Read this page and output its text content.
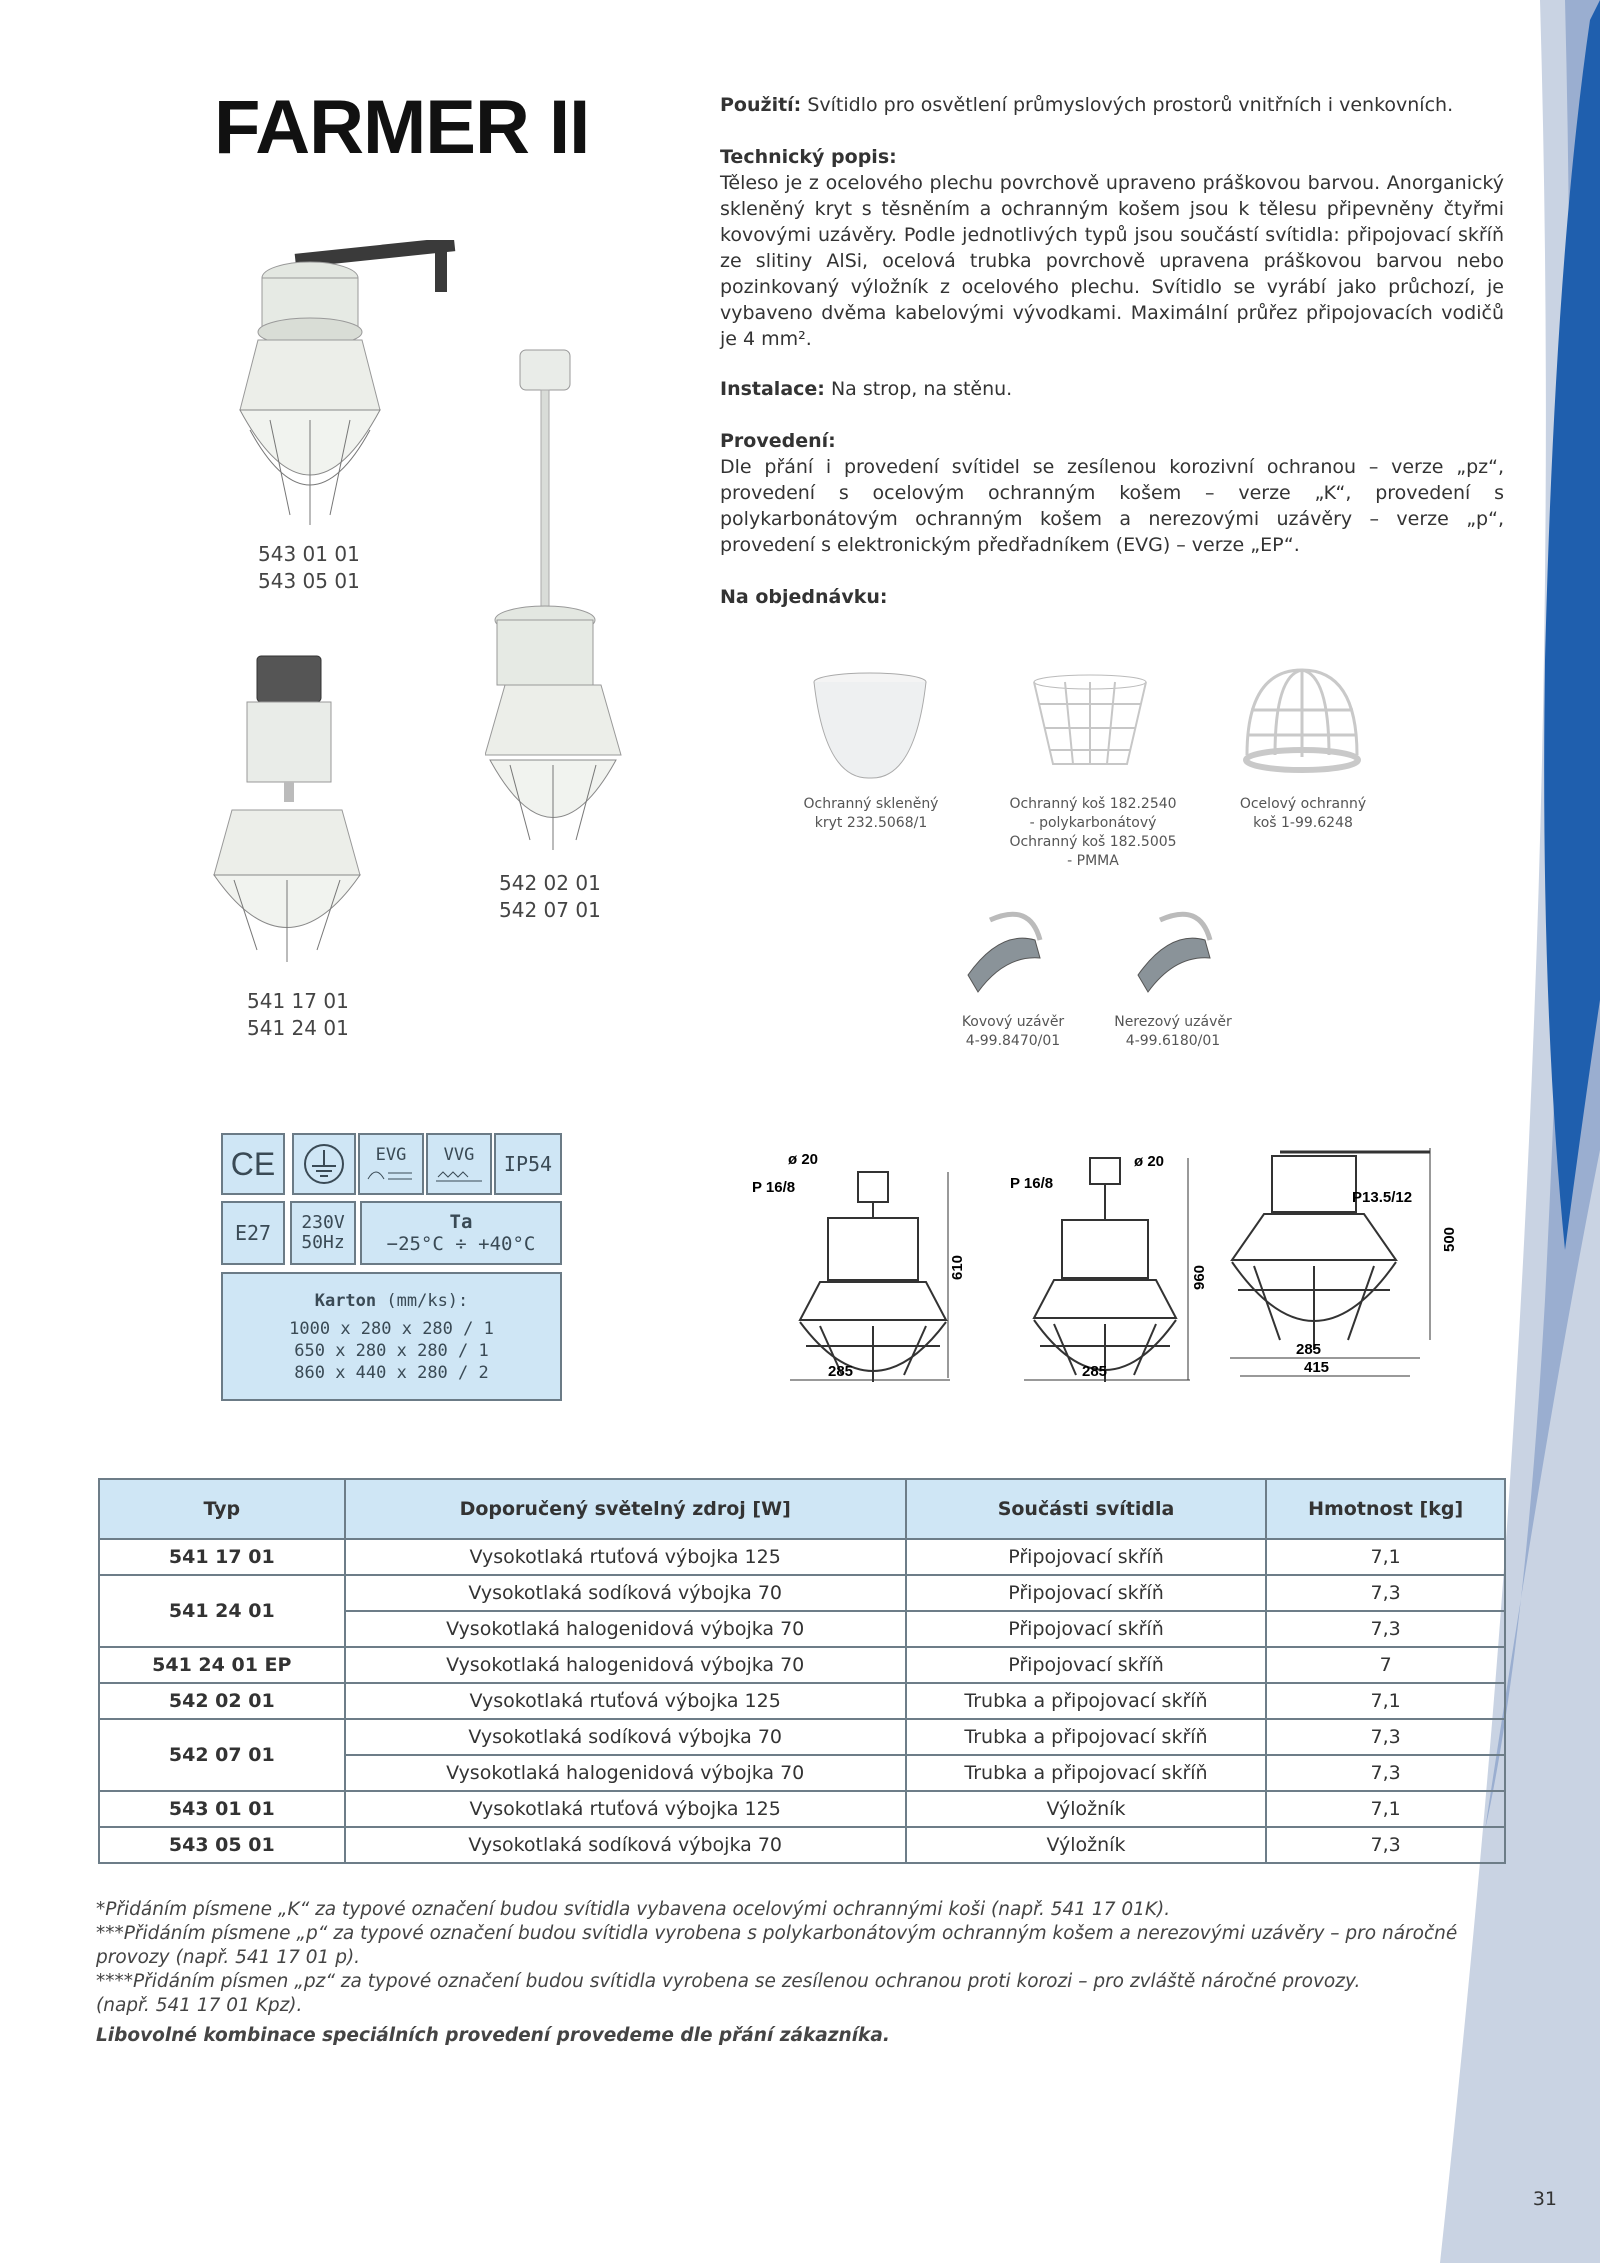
FARMER II	Použití: Svítidlo pro osvětlení průmyslových prostorů vnitřních i venkovních.
Technický popis:
Těleso je z ocelového plechu povrchově upraveno práškovou barvou. Anorganický skleněný kryt s těsněním a ochranným košem jsou k tělesu připevněny čtyřmi kovovými uzávěry. Podle jednotlivých typů jsou součástí svítidla: připojovací skříň ze slitiny AlSi, ocelová trubka povrchově upravena práškovou barvou nebo pozinkovaný výložník z ocelového plechu. Svítidlo se vyrábí jako průchozí, je vybaveno dvěma kabelovými vývodkami. Maximální průřez připojovacích vodičů je 4 mm².
Instalace: Na strop, na stěnu.
Provedení:
Dle přání i provedení svítidel se zesílenou korozivní ochranou – verze „pz“, provedení s ocelovým ochranným košem – verze „K“, provedení s polykarbonátovým ochranným košem a nerezovými uzávěry – verze „p“, provedení s elektronickým předřadníkem (EVG) – verze „EP“.
Na objednávku:
543 01 01
543 05 01
542 02 01
542 07 01
541 17 01
541 24 01
Ochranný skleněný
kryt 232.5068/1
Ochranný koš 182.2540
- polykarbonátový
Ochranný koš 182.5005
- PMMA
Ocelový ochranný
koš 1-99.6248
Kovový uzávěr
4-99.8470/01
Nerezový uzávěr
4-99.6180/01
CE	EVG VVG IP54
E27 230V
50Hz
Ta
−25°C ÷ +40°C
Karton (mm/ks):
1000 x 280 x 280 / 1
650 x 280 x 280 / 1
860 x 440 x 280 / 2
ø 20
P 16/8
610
285
P 16/8
ø 20
960
285
P13.5/12
500
285
415
Typ	Doporučený světelný zdroj [W]	Součásti svítidla	Hmotnost [kg]
541 17 01	Vysokotlaká rtuťová výbojka 125	Připojovací skříň	7,1
541 24 01	Vysokotlaká sodíková výbojka 70	Připojovací skříň	7,3
	Vysokotlaká halogenidová výbojka 70	Připojovací skříň	7,3
541 24 01 EP	Vysokotlaká halogenidová výbojka 70	Připojovací skříň	7
542 02 01	Vysokotlaká rtuťová výbojka 125	Trubka a připojovací skříň	7,1
542 07 01	Vysokotlaká sodíková výbojka 70	Trubka a připojovací skříň	7,3
	Vysokotlaká halogenidová výbojka 70	Trubka a připojovací skříň	7,3
543 01 01	Vysokotlaká rtuťová výbojka 125	Výložník	7,1
543 05 01	Vysokotlaká sodíková výbojka 70	Výložník	7,3

*Přidáním písmene „K“ za typové označení budou svítidla vybavena ocelovými ochrannými koši (např. 541 17 01K).

***Přidáním písmene „p“ za typové označení budou svítidla vyrobena s polykarbonátovým ochranným košem a nerezovými uzávěry – pro náročné provozy (např. 541 17 01 p).

****Přidáním písmen „pz“ za typové označení budou svítidla vyrobena se zesílenou ochranou proti korozi – pro zvláště náročné provozy.

(např. 541 17 01 Kpz).

Libovolné kombinace speciálních provedení provedeme dle přání zákazníka.

31
